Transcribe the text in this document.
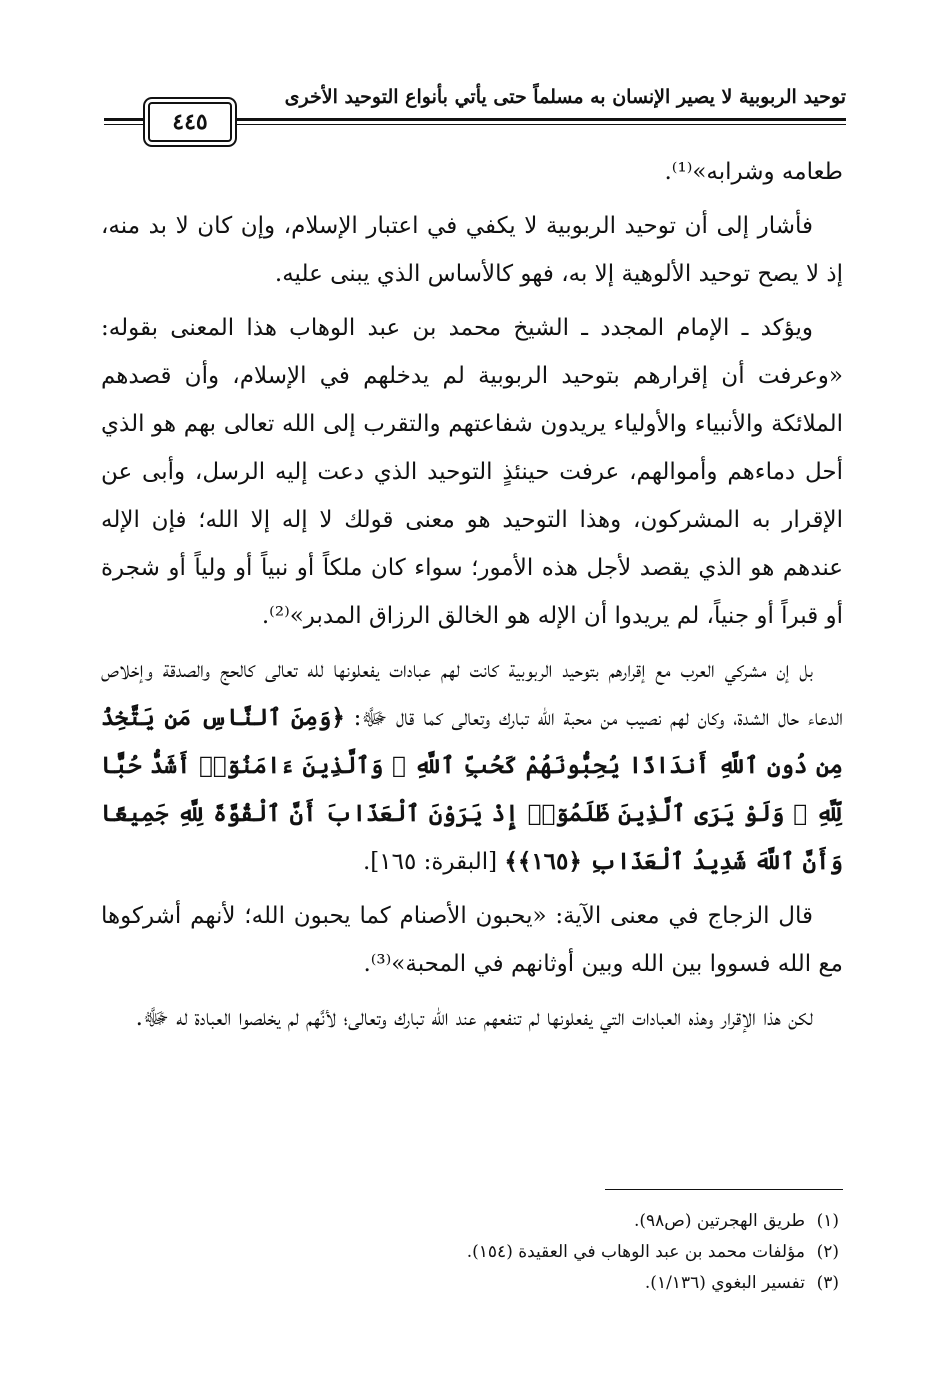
توحيد الربوبية لا يصير الإنسان به مسلماً حتى يأتي بأنواع التوحيد الأخرى
٤٤٥

طعامه وشرابه»⁽¹⁾.

فأشار إلى أن توحيد الربوبية لا يكفي في اعتبار الإسلام، وإن كان لا بد منه، إذ لا يصح توحيد الألوهية إلا به، فهو كالأساس الذي يبنى عليه.

ويؤكد ـ الإمام المجدد ـ الشيخ محمد بن عبد الوهاب هذا المعنى بقوله: «وعرفت أن إقرارهم بتوحيد الربوبية لم يدخلهم في الإسلام، وأن قصدهم الملائكة والأنبياء والأولياء يريدون شفاعتهم والتقرب إلى الله تعالى بهم هو الذي أحل دماءهم وأموالهم، عرفت حينئذٍ التوحيد الذي دعت إليه الرسل، وأبى عن الإقرار به المشركون، وهذا التوحيد هو معنى قولك لا إله إلا الله؛ فإن الإله عندهم هو الذي يقصد لأجل هذه الأمور؛ سواء كان ملكاً أو نبياً أو ولياً أو شجرة أو قبراً أو جنياً، لم يريدوا أن الإله هو الخالق الرزاق المدبر»⁽²⁾.

بل إن مشركي العرب مع إقرارهم بتوحيد الربوبية كانت لهم عبادات يفعلونها لله تعالى كالحج والصدقة وإخلاص الدعاء حال الشدة، وكان لهم نصيب من محبة الله تبارك وتعالى كما قال ﷻ: ﴿وَمِنَ ٱلنَّاسِ مَن يَتَّخِذُ مِن دُونِ ٱللَّهِ أَندَادًا يُحِبُّونَهُمْ كَحُبِّ ٱللَّهِ ۖ وَٱلَّذِينَ ءَامَنُوٓا۟ أَشَدُّ حُبًّا لِّلَّهِ ۗ وَلَوْ يَرَى ٱلَّذِينَ ظَلَمُوٓا۟ إِذْ يَرَوْنَ ٱلْعَذَابَ أَنَّ ٱلْقُوَّةَ لِلَّهِ جَمِيعًا وَأَنَّ ٱللَّهَ شَدِيدُ ٱلْعَذَابِ ﴿١٦٥﴾﴾ [البقرة: ١٦٥].

قال الزجاج في معنى الآية: «يحبون الأصنام كما يحبون الله؛ لأنهم أشركوها مع الله فسووا بين الله وبين أوثانهم في المحبة»⁽³⁾.

لكن هذا الإقرار وهذه العبادات التي يفعلونها لم تنفعهم عند الله تبارك وتعالى؛ لأنَّهم لم يخلصوا العبادة له ﷻ.

(١)
طريق الهجرتين (ص٩٨).
(٢)
مؤلفات محمد بن عبد الوهاب في العقيدة (١٥٤).
(٣)
تفسير البغوي (١/١٣٦).
